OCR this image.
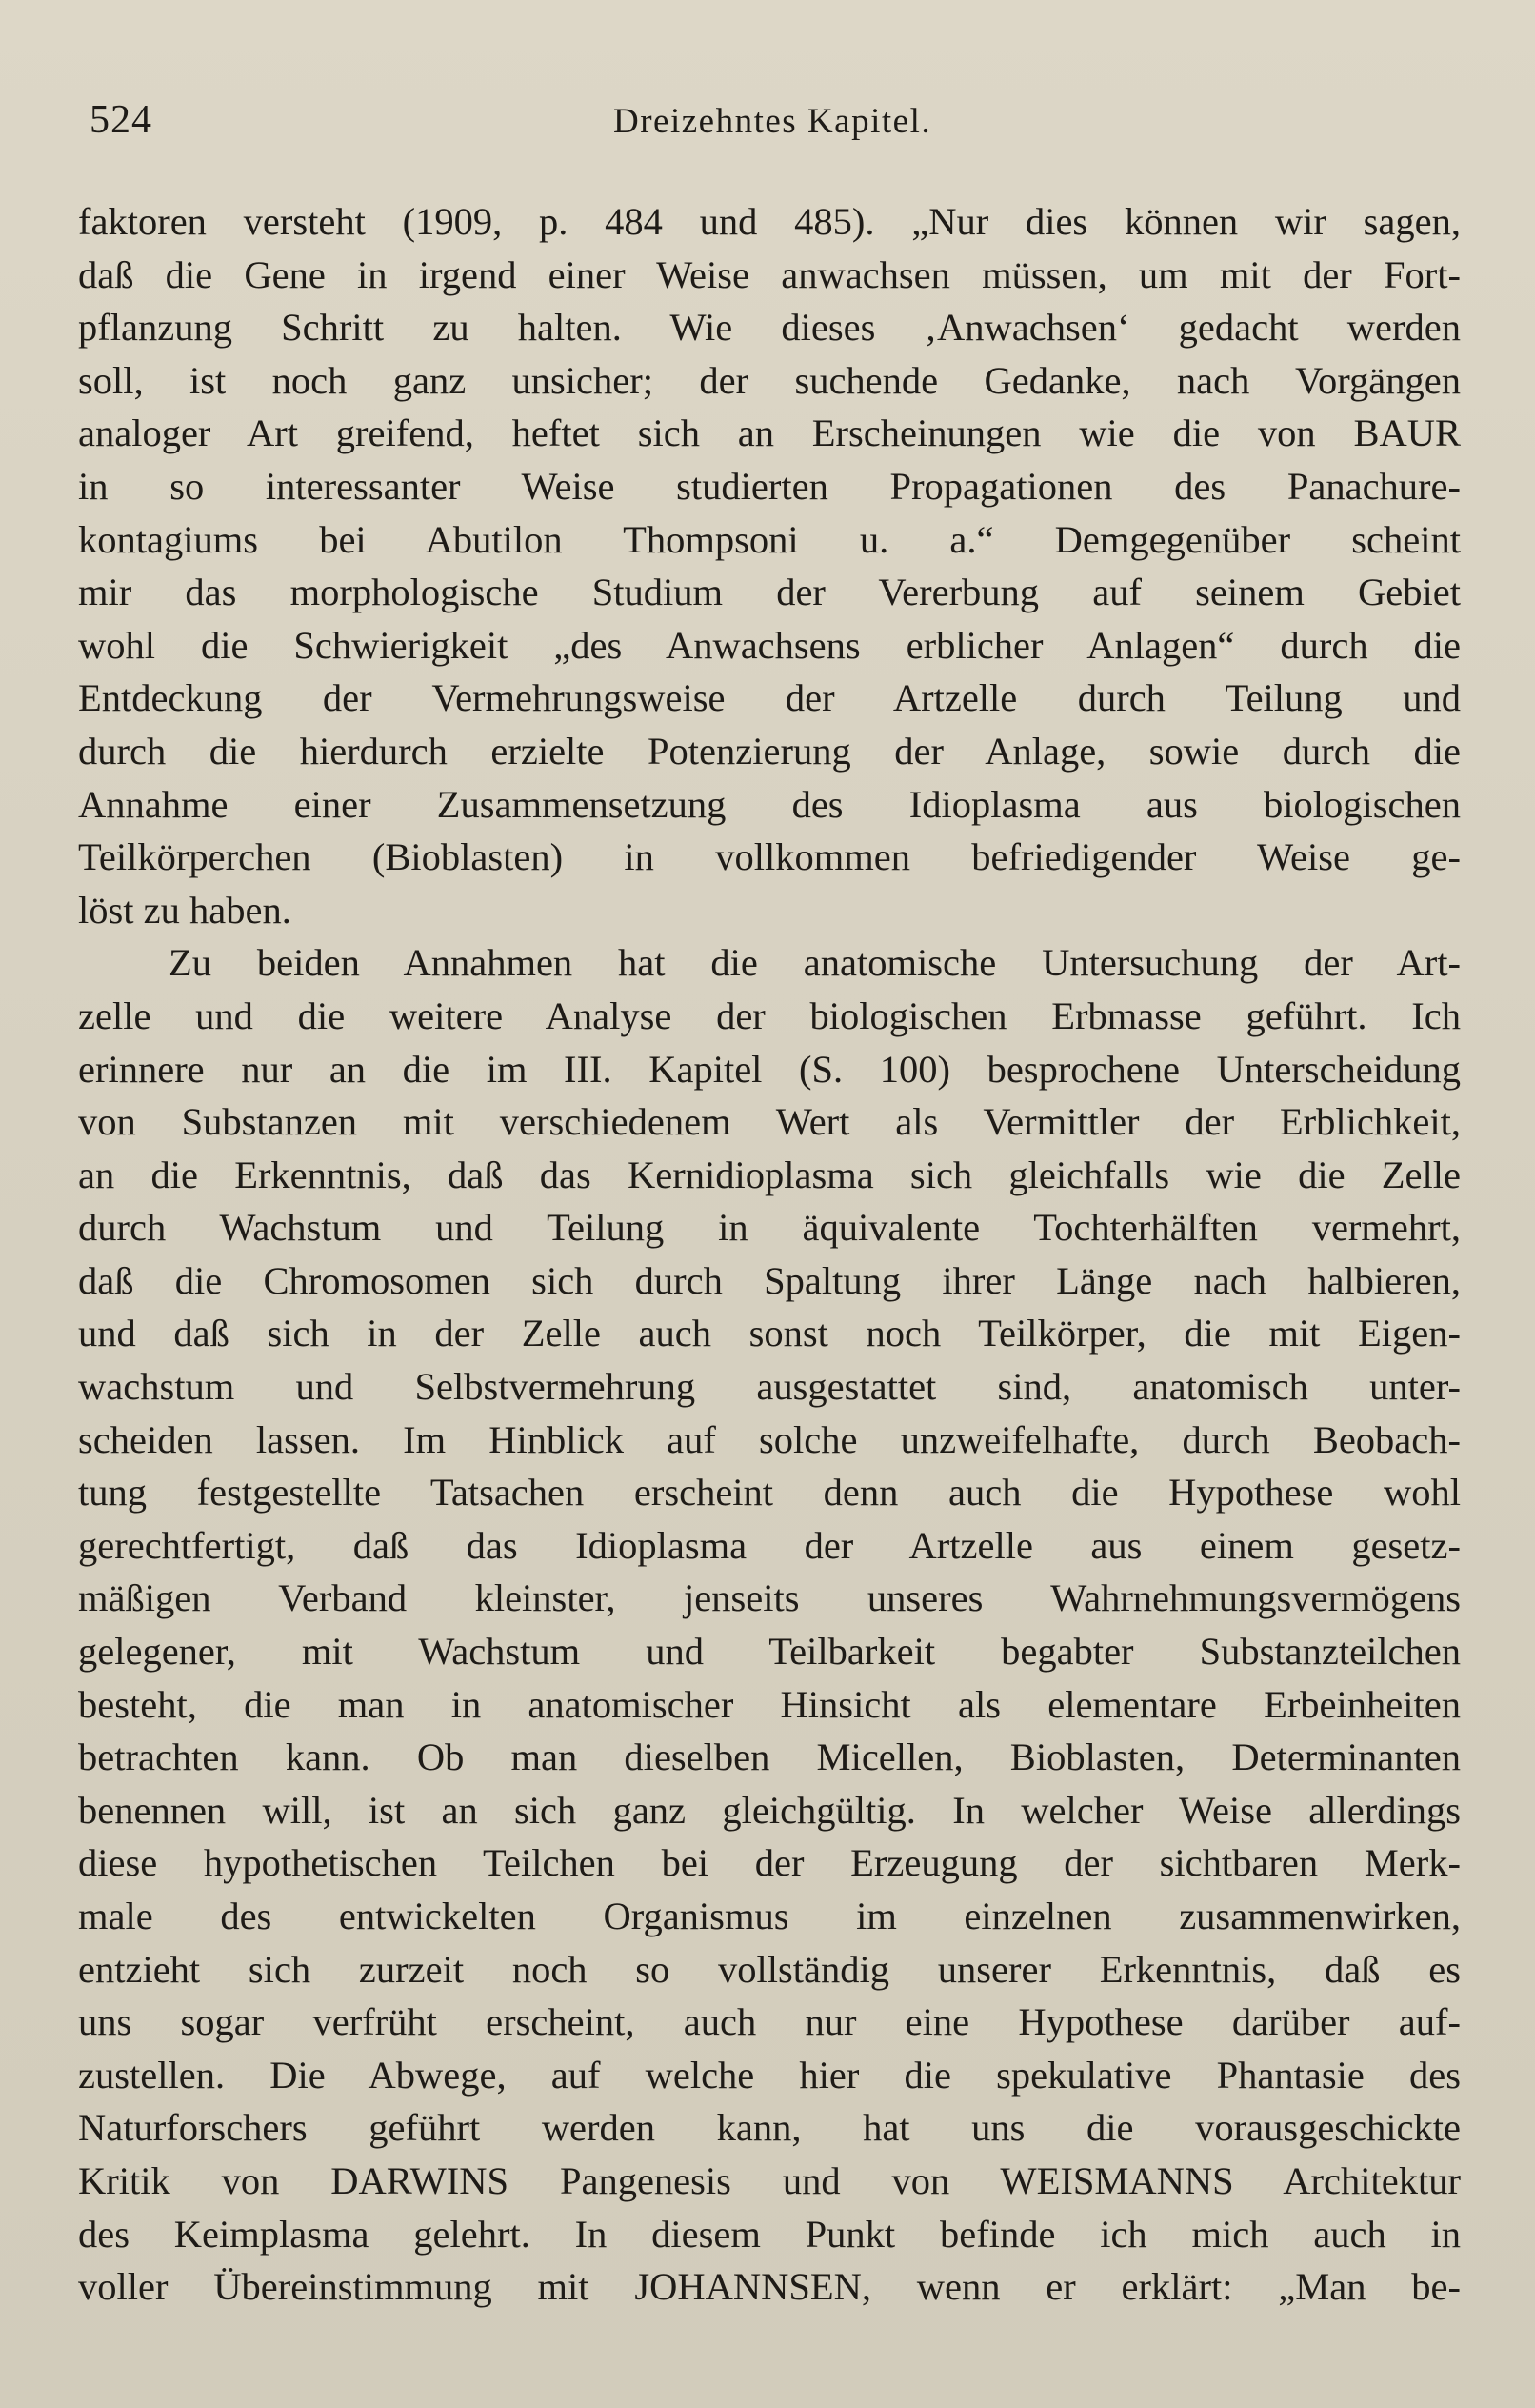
524	Dreizehntes Kapitel.
faktoren versteht (1909, p. 484 und 485). „Nur dies können wir sagen,
daß die Gene in irgend einer Weise anwachsen müssen, um mit der Fort-
pflanzung Schritt zu halten. Wie dieses ‚Anwachsen‘ gedacht werden
soll, ist noch ganz unsicher; der suchende Gedanke, nach Vorgängen
analoger Art greifend, heftet sich an Erscheinungen wie die von BAUR
in so interessanter Weise studierten Propagationen des Panachure-
kontagiums bei Abutilon Thompsoni u. a.“ Demgegenüber scheint
mir das morphologische Studium der Vererbung auf seinem Gebiet
wohl die Schwierigkeit „des Anwachsens erblicher Anlagen“ durch die
Entdeckung der Vermehrungsweise der Artzelle durch Teilung und
durch die hierdurch erzielte Potenzierung der Anlage, sowie durch die
Annahme einer Zusammensetzung des Idioplasma aus biologischen
Teilkörperchen (Bioblasten) in vollkommen befriedigender Weise ge-
löst zu haben.
Zu beiden Annahmen hat die anatomische Untersuchung der Art-
zelle und die weitere Analyse der biologischen Erbmasse geführt. Ich
erinnere nur an die im III. Kapitel (S. 100) besprochene Unterscheidung
von Substanzen mit verschiedenem Wert als Vermittler der Erblichkeit,
an die Erkenntnis, daß das Kernidioplasma sich gleichfalls wie die Zelle
durch Wachstum und Teilung in äquivalente Tochterhälften vermehrt,
daß die Chromosomen sich durch Spaltung ihrer Länge nach halbieren,
und daß sich in der Zelle auch sonst noch Teilkörper, die mit Eigen-
wachstum und Selbstvermehrung ausgestattet sind, anatomisch unter-
scheiden lassen. Im Hinblick auf solche unzweifelhafte, durch Beobach-
tung festgestellte Tatsachen erscheint denn auch die Hypothese wohl
gerechtfertigt, daß das Idioplasma der Artzelle aus einem gesetz-
mäßigen Verband kleinster, jenseits unseres Wahrnehmungsvermögens
gelegener, mit Wachstum und Teilbarkeit begabter Substanzteilchen
besteht, die man in anatomischer Hinsicht als elementare Erbeinheiten
betrachten kann. Ob man dieselben Micellen, Bioblasten, Determinanten
benennen will, ist an sich ganz gleichgültig. In welcher Weise allerdings
diese hypothetischen Teilchen bei der Erzeugung der sichtbaren Merk-
male des entwickelten Organismus im einzelnen zusammenwirken,
entzieht sich zurzeit noch so vollständig unserer Erkenntnis, daß es
uns sogar verfrüht erscheint, auch nur eine Hypothese darüber auf-
zustellen. Die Abwege, auf welche hier die spekulative Phantasie des
Naturforschers geführt werden kann, hat uns die vorausgeschickte
Kritik von DARWINS Pangenesis und von WEISMANNS Architektur
des Keimplasma gelehrt. In diesem Punkt befinde ich mich auch in
voller Übereinstimmung mit JOHANNSEN, wenn er erklärt: „Man be-
